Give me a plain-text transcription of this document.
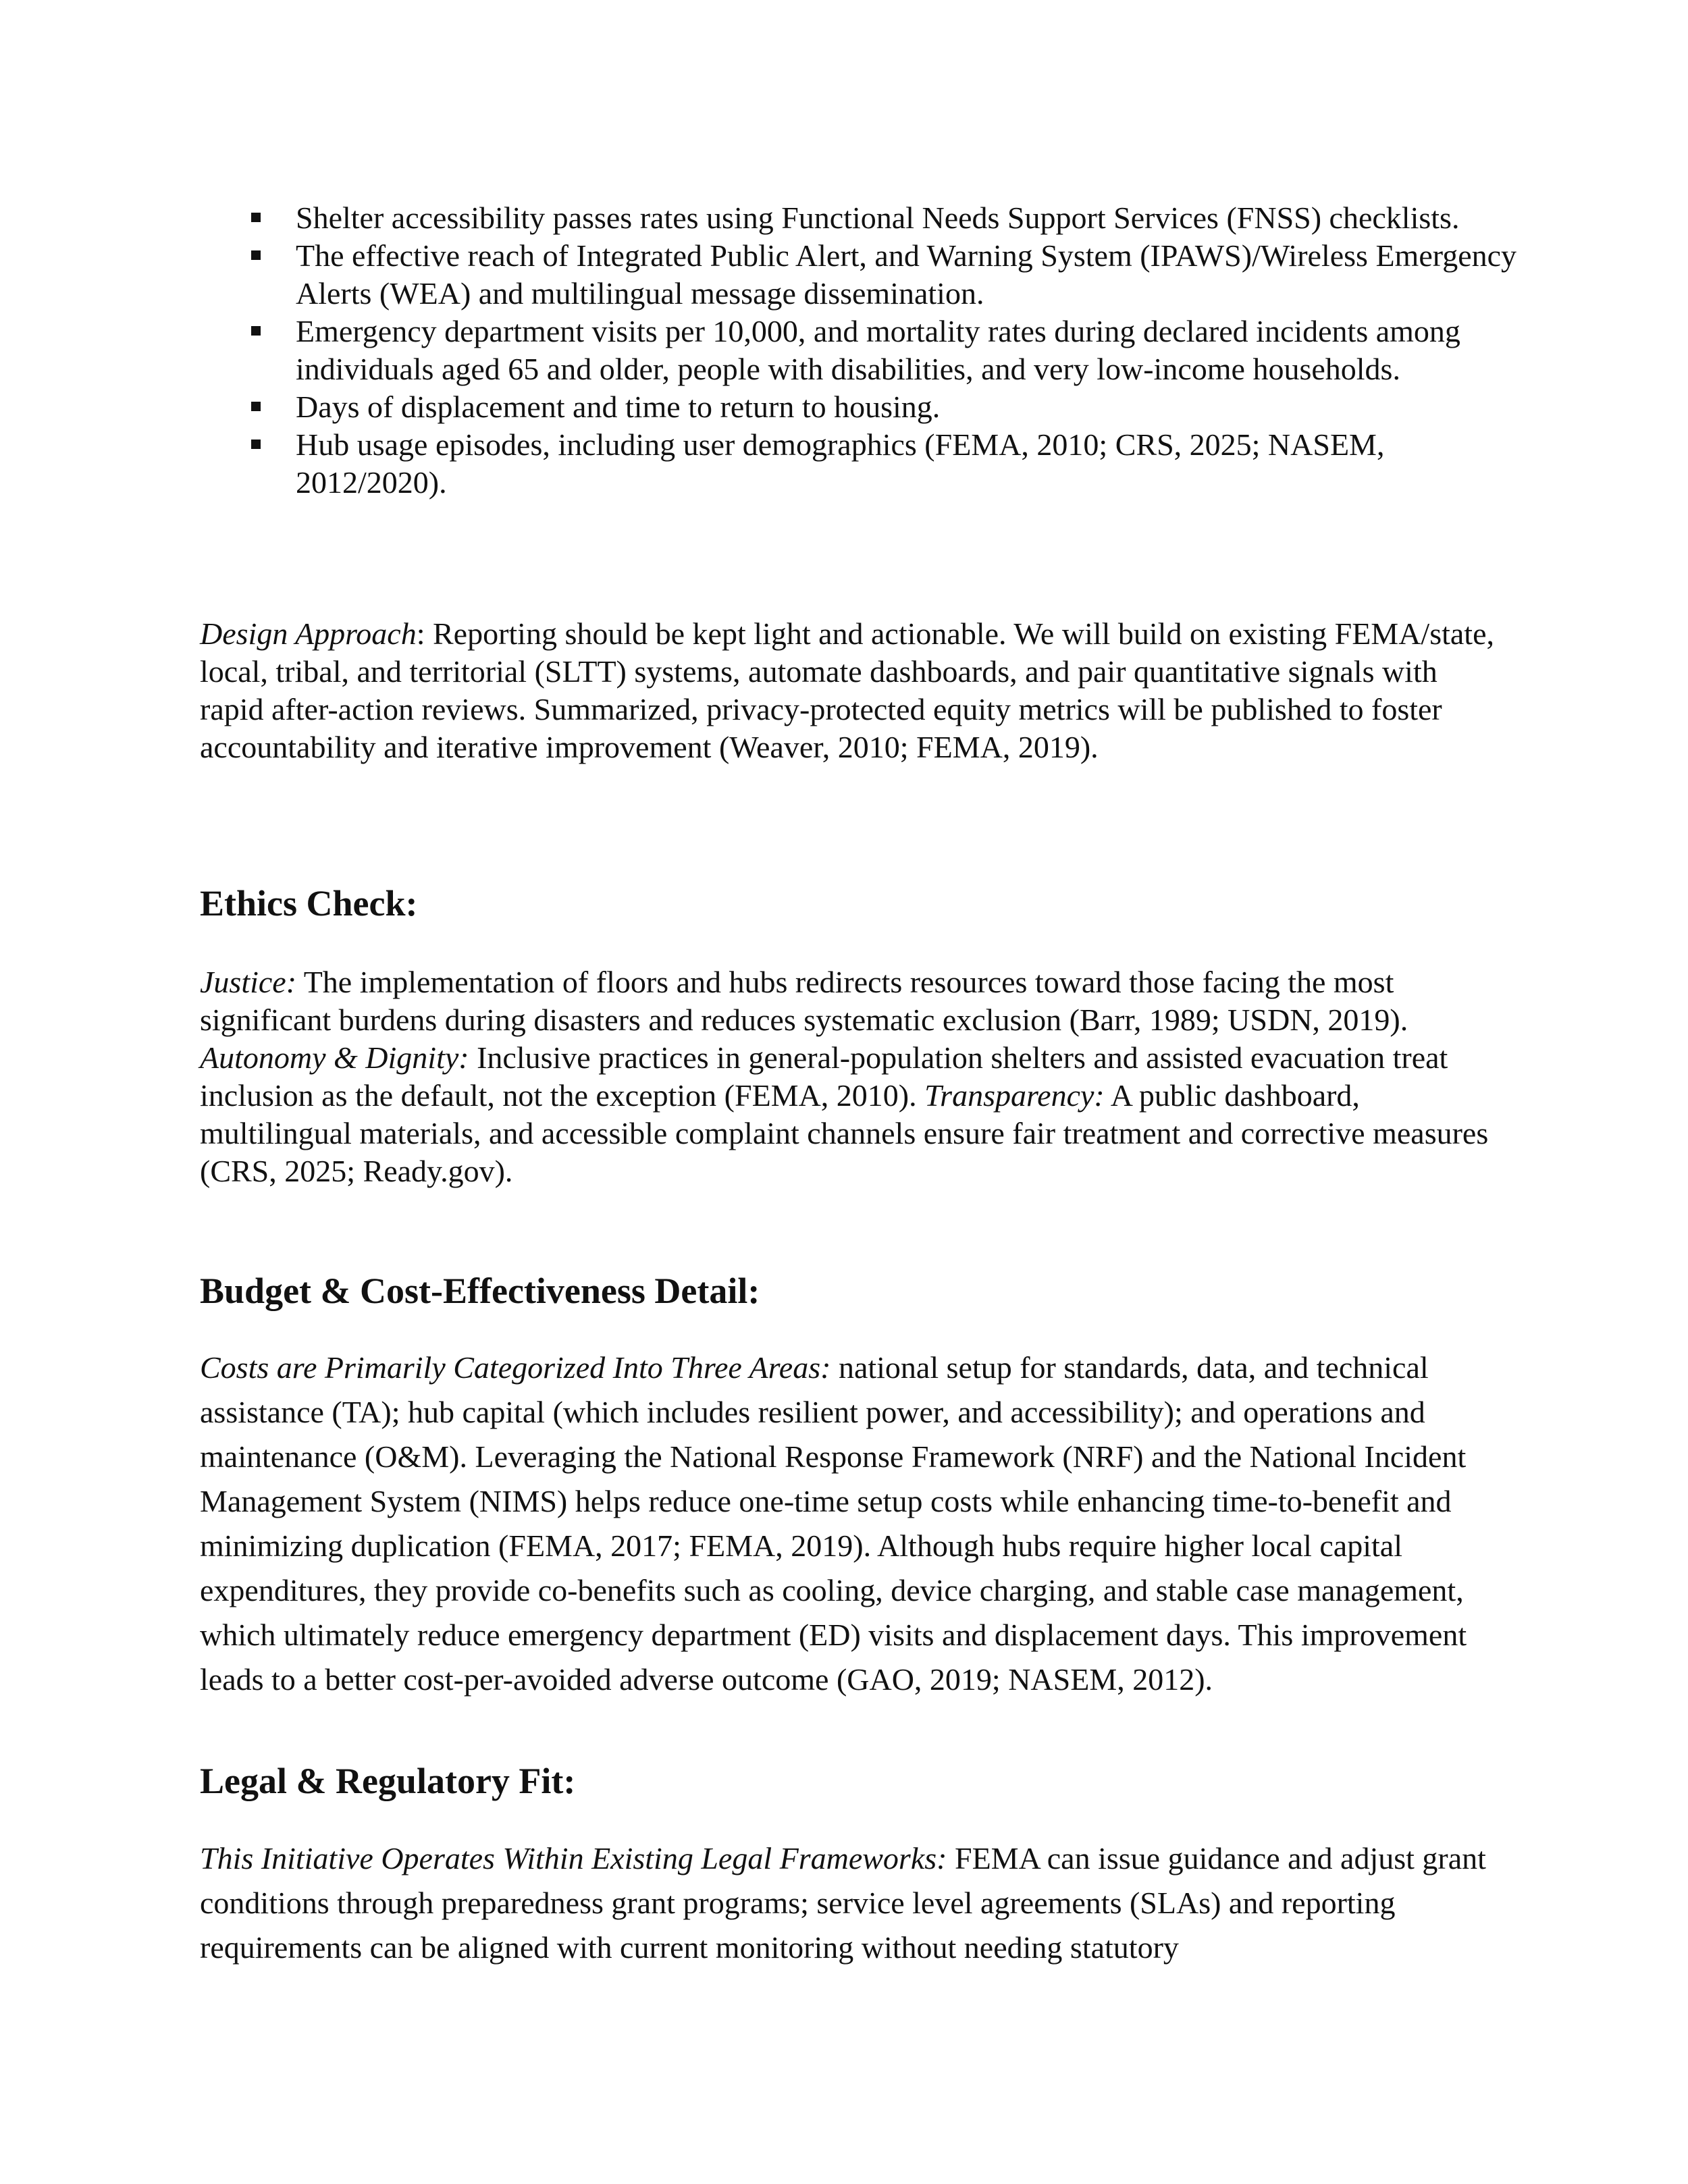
Shelter accessibility passes rates using Functional Needs Support Services (FNSS) checklists.
The effective reach of Integrated Public Alert, and Warning System (IPAWS)/Wireless Emergency Alerts (WEA) and multilingual message dissemination.
Emergency department visits per 10,000, and mortality rates during declared incidents among individuals aged 65 and older, people with disabilities, and very low-income households.
Days of displacement and time to return to housing.
Hub usage episodes, including user demographics (FEMA, 2010; CRS, 2025; NASEM, 2012/2020).

Design Approach: Reporting should be kept light and actionable. We will build on existing FEMA/state, local, tribal, and territorial (SLTT) systems, automate dashboards, and pair quantitative signals with rapid after-action reviews. Summarized, privacy-protected equity metrics will be published to foster accountability and iterative improvement (Weaver, 2010; FEMA, 2019).

Ethics Check:

Justice: The implementation of floors and hubs redirects resources toward those facing the most significant burdens during disasters and reduces systematic exclusion (Barr, 1989; USDN, 2019). Autonomy & Dignity: Inclusive practices in general-population shelters and assisted evacuation treat inclusion as the default, not the exception (FEMA, 2010). Transparency: A public dashboard, multilingual materials, and accessible complaint channels ensure fair treatment and corrective measures (CRS, 2025; Ready.gov).

Budget & Cost-Effectiveness Detail:

Costs are Primarily Categorized Into Three Areas: national setup for standards, data, and technical assistance (TA); hub capital (which includes resilient power, and accessibility); and operations and maintenance (O&M). Leveraging the National Response Framework (NRF) and the National Incident Management System (NIMS) helps reduce one-time setup costs while enhancing time-to-benefit and minimizing duplication (FEMA, 2017; FEMA, 2019). Although hubs require higher local capital expenditures, they provide co-benefits such as cooling, device charging, and stable case management, which ultimately reduce emergency department (ED) visits and displacement days. This improvement leads to a better cost-per-avoided adverse outcome (GAO, 2019; NASEM, 2012).

Legal & Regulatory Fit:

This Initiative Operates Within Existing Legal Frameworks: FEMA can issue guidance and adjust grant conditions through preparedness grant programs; service level agreements (SLAs) and reporting requirements can be aligned with current monitoring without needing statutory
